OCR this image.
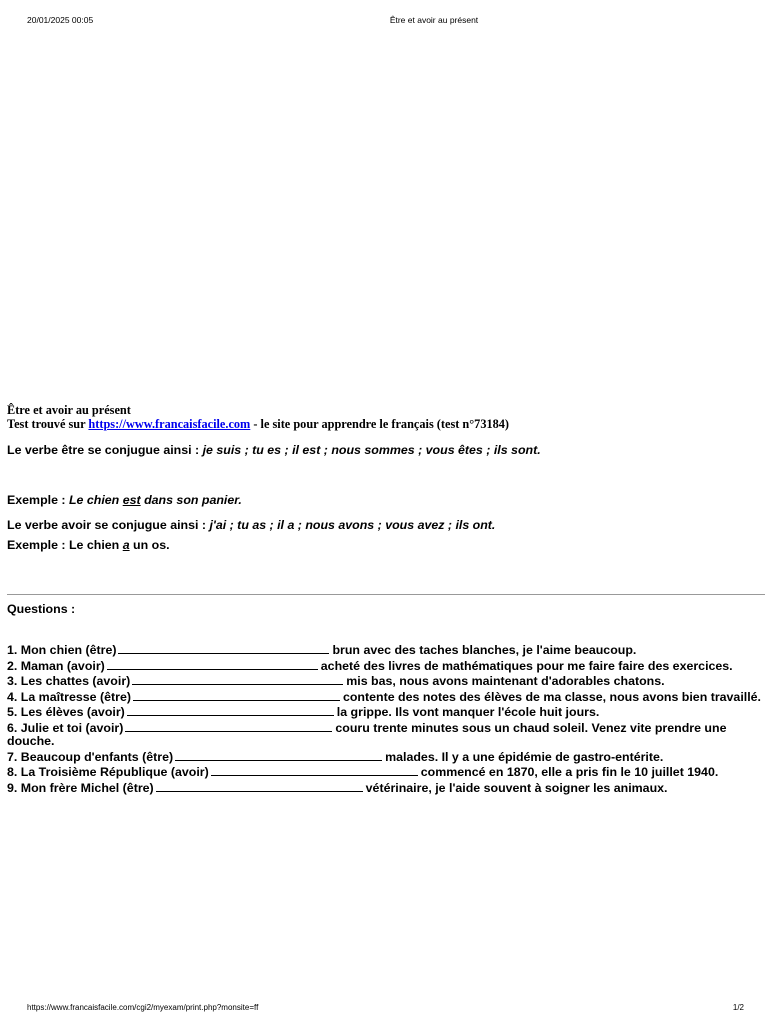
20/01/2025 00:05	Être et avoir au présent
Être et avoir au présent
Test trouvé sur https://www.francaisfacile.com - le site pour apprendre le français (test n°73184)
Le verbe être se conjugue ainsi : je suis ; tu es ; il est ; nous sommes ; vous êtes ; ils sont.
Exemple : Le chien est dans son panier.
Le verbe avoir se conjugue ainsi : j'ai ; tu as ; il a ; nous avons ; vous avez ; ils ont.
Exemple : Le chien a un os.
Questions :
1. Mon chien (être)	brun avec des taches blanches, je l'aime beaucoup.
2. Maman (avoir)	acheté des livres de mathématiques pour me faire faire des exercices.
3. Les chattes (avoir)	mis bas, nous avons maintenant d'adorables chatons.
4. La maîtresse (être)	contente des notes des élèves de ma classe, nous avons bien travaillé.
5. Les élèves (avoir)	la grippe. Ils vont manquer l'école huit jours.
6. Julie et toi (avoir)	couru trente minutes sous un chaud soleil. Venez vite prendre une douche.
7. Beaucoup d'enfants (être)	malades. Il y a une épidémie de gastro-entérite.
8. La Troisième République (avoir)	commencé en 1870, elle a pris fin le 10 juillet 1940.
9. Mon frère Michel (être)	vétérinaire, je l'aide souvent à soigner les animaux.
https://www.francaisfacile.com/cgi2/myexam/print.php?monsite=ff	1/2
